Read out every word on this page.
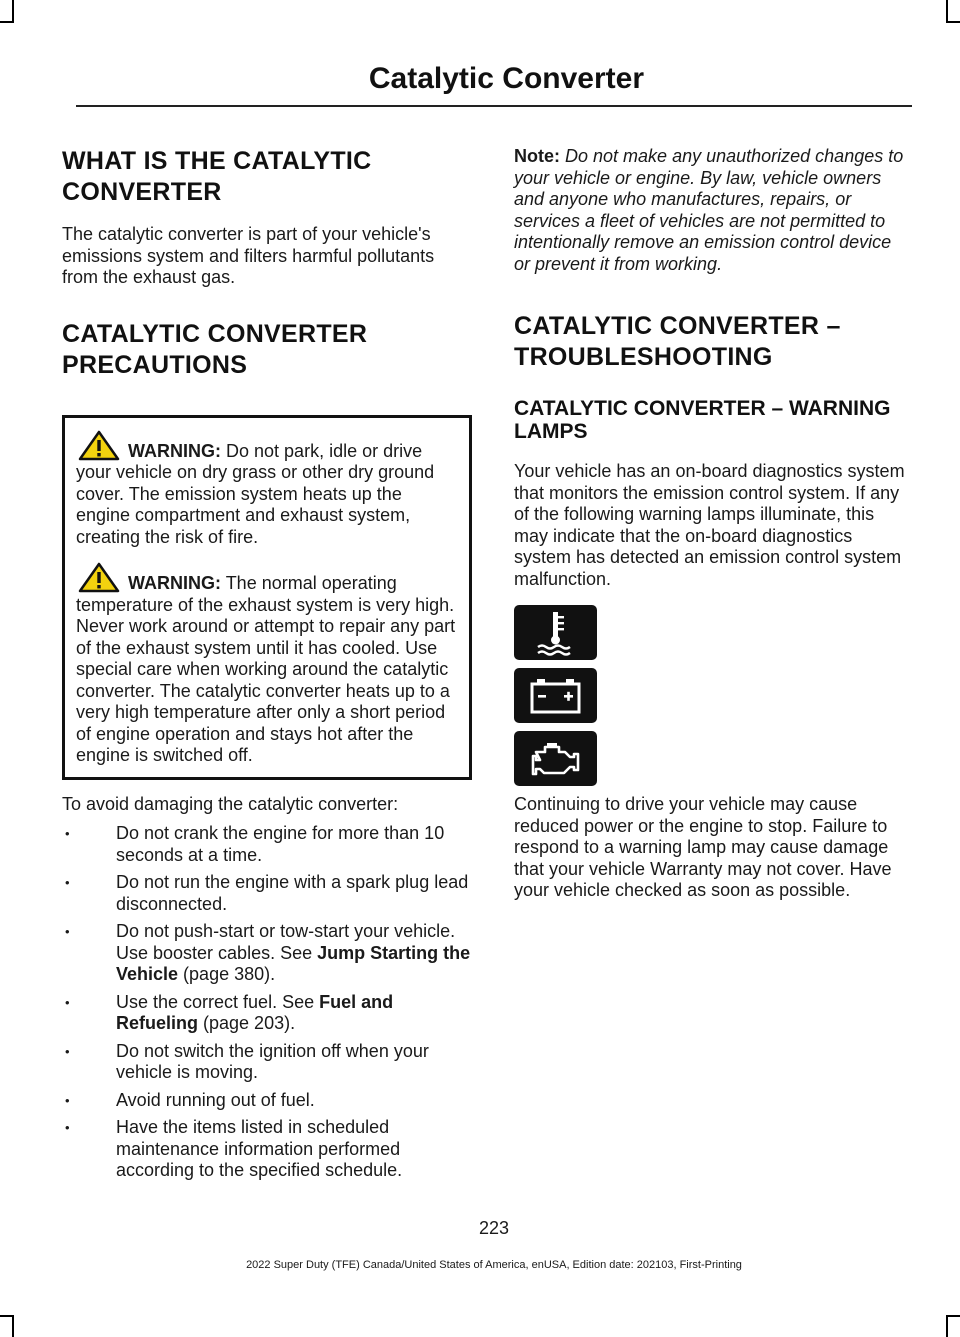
Catalytic Converter
WHAT IS THE CATALYTIC CONVERTER

The catalytic converter is part of your vehicle's emissions system and filters harmful pollutants from the exhaust gas.

CATALYTIC CONVERTER PRECAUTIONS

WARNING: Do not park, idle or drive your vehicle on dry grass or other dry ground cover. The emission system heats up the engine compartment and exhaust system, creating the risk of fire.

WARNING: The normal operating temperature of the exhaust system is very high. Never work around or attempt to repair any part of the exhaust system until it has cooled. Use special care when working around the catalytic converter. The catalytic converter heats up to a very high temperature after only a short period of engine operation and stays hot after the engine is switched off.

To avoid damaging the catalytic converter:

• Do not crank the engine for more than 10 seconds at a time.
• Do not run the engine with a spark plug lead disconnected.
• Do not push-start or tow-start your vehicle. Use booster cables. See Jump Starting the Vehicle (page 380).
• Use the correct fuel. See Fuel and Refueling (page 203).
• Do not switch the ignition off when your vehicle is moving.
• Avoid running out of fuel.
• Have the items listed in scheduled maintenance information performed according to the specified schedule.

Note: Do not make any unauthorized changes to your vehicle or engine. By law, vehicle owners and anyone who manufactures, repairs, or services a fleet of vehicles are not permitted to intentionally remove an emission control device or prevent it from working.

CATALYTIC CONVERTER – TROUBLESHOOTING
CATALYTIC CONVERTER – WARNING LAMPS

Your vehicle has an on-board diagnostics system that monitors the emission control system. If any of the following warning lamps illuminate, this may indicate that the on-board diagnostics system has detected an emission control system malfunction.

Continuing to drive your vehicle may cause reduced power or the engine to stop. Failure to respond to a warning lamp may cause damage that your vehicle Warranty may not cover. Have your vehicle checked as soon as possible.

223
2022 Super Duty (TFE) Canada/United States of America, enUSA, Edition date: 202103, First-Printing
